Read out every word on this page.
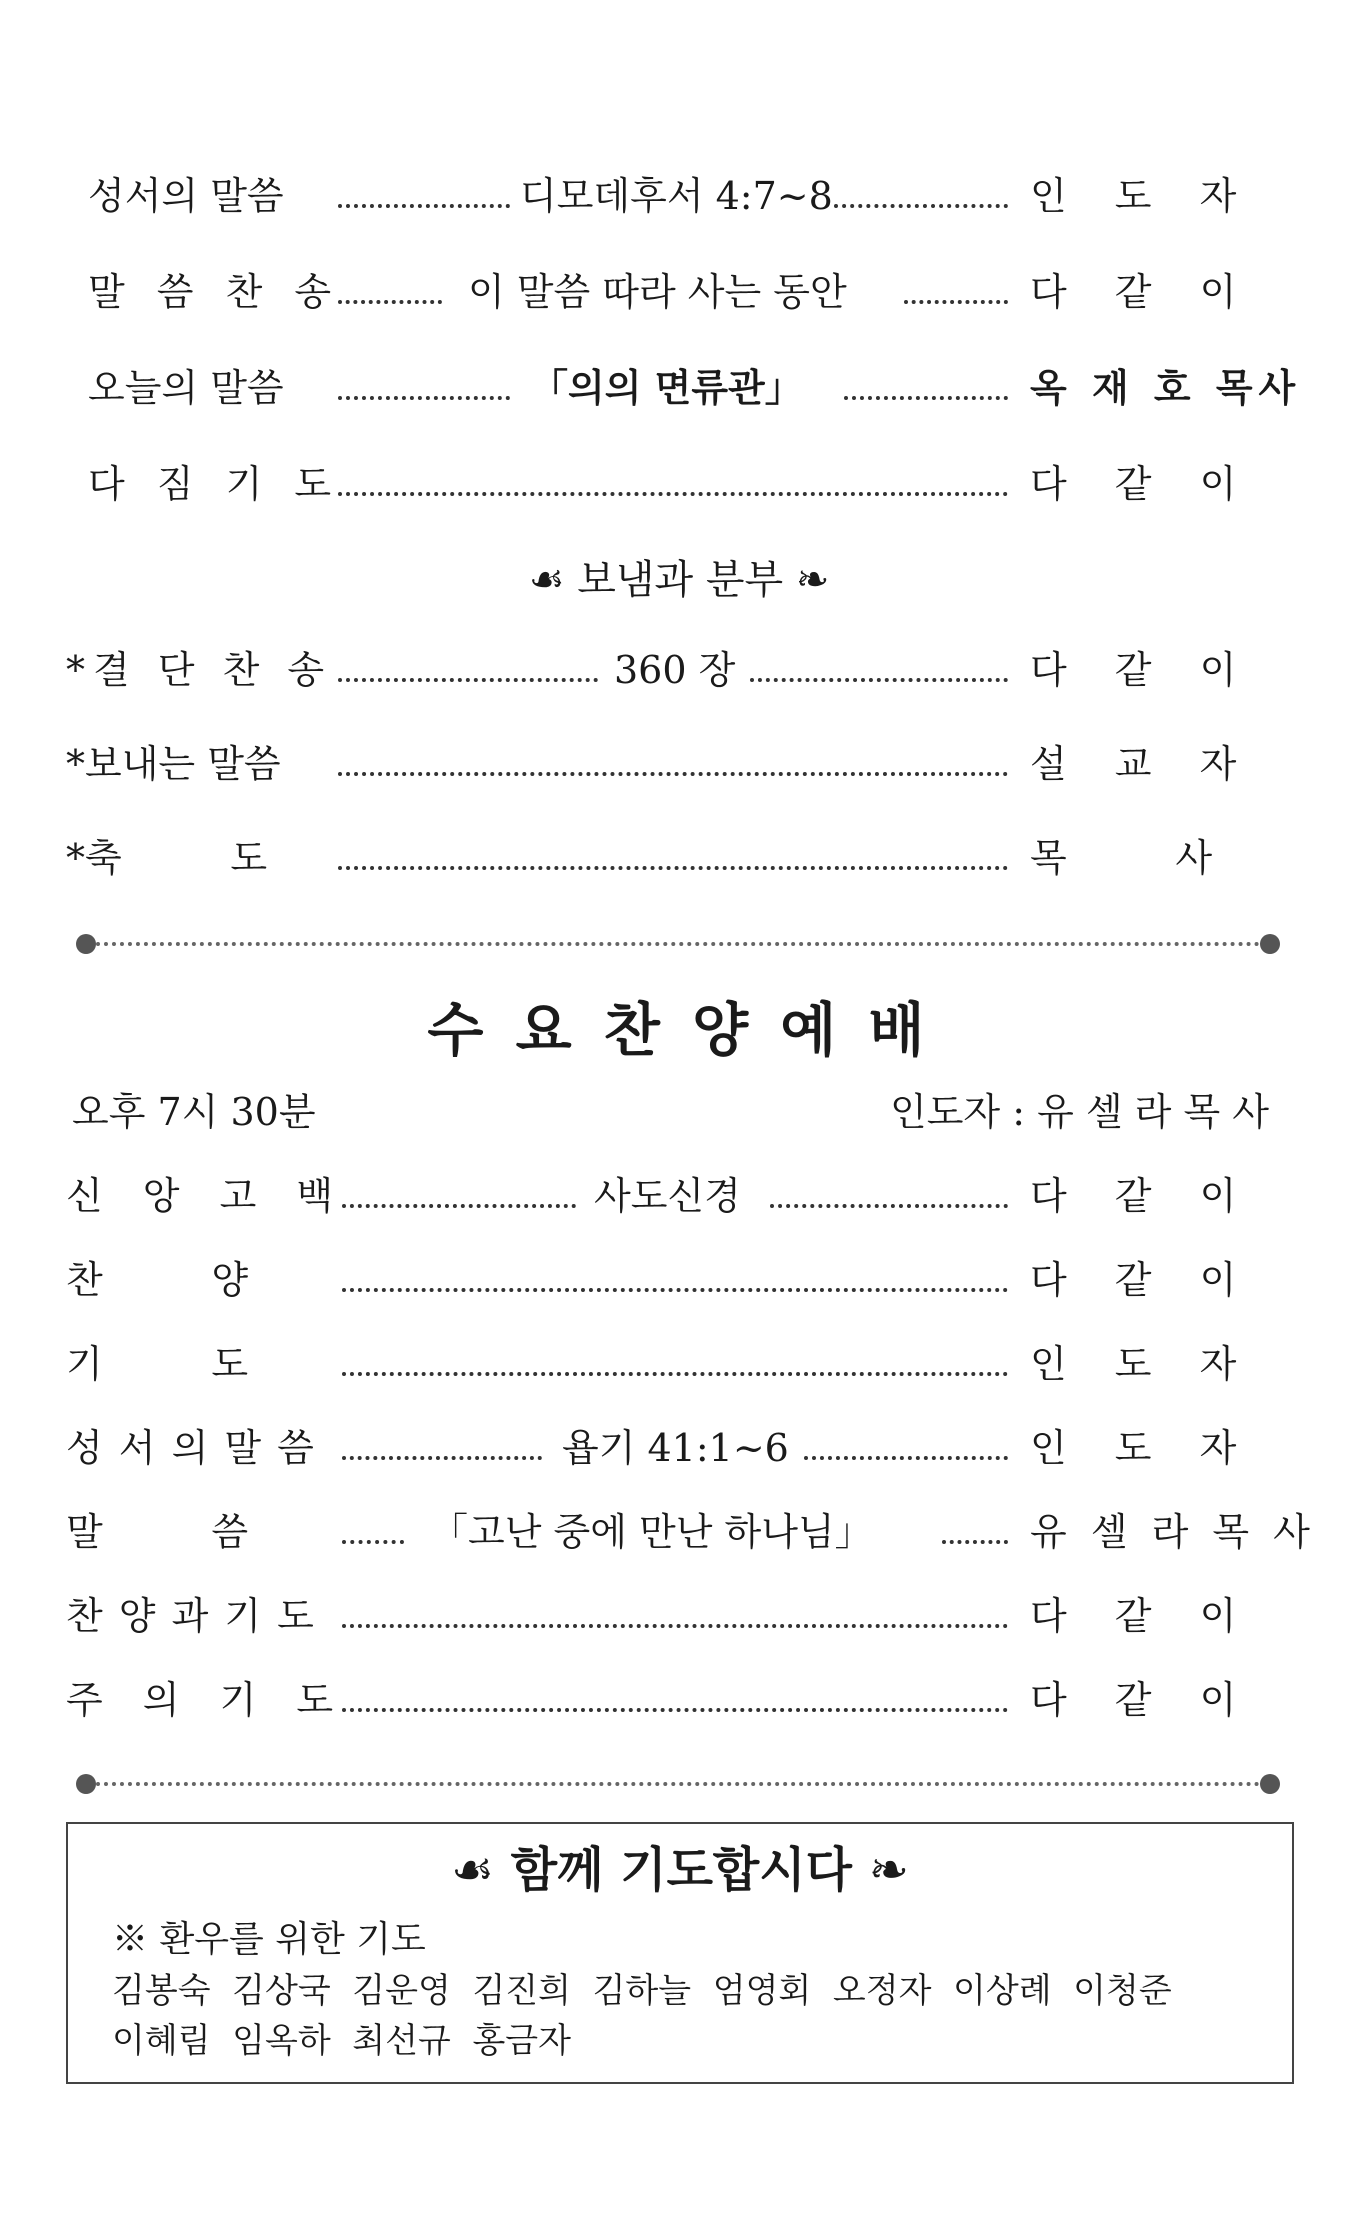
성서의 말씀	디모데후서 4:7~8	인 도 자
말 씀 찬 송	이 말씀 따라 사는 동안	다 같 이
오늘의 말씀	「의의 면류관」	옥 재 호 목사
다 짐 기 도	다 같 이
☙ 보냄과 분부 ❧
*결 단 찬 송	360 장	다 같 이
*보내는 말씀	설 교 자
*축         도	목         사
수 요 찬 양 예 배
오후 7시 30분	인도자 : 유 셀 라 목 사
신 앙 고 백	사도신경	다 같 이
찬         양	다 같 이
기         도	인 도 자
성 서 의 말 씀	욥기 41:1~6	인 도 자
말         씀	「고난 중에 만난 하나님」	유 셀 라 목 사
찬 양 과 기 도	다 같 이
주 의 기 도	다 같 이
☙ 함께 기도합시다 ❧
※ 환우를 위한 기도
김봉숙  김상국  김운영  김진희  김하늘  엄영회  오정자  이상례  이청준
이혜림  임옥하  최선규  홍금자
